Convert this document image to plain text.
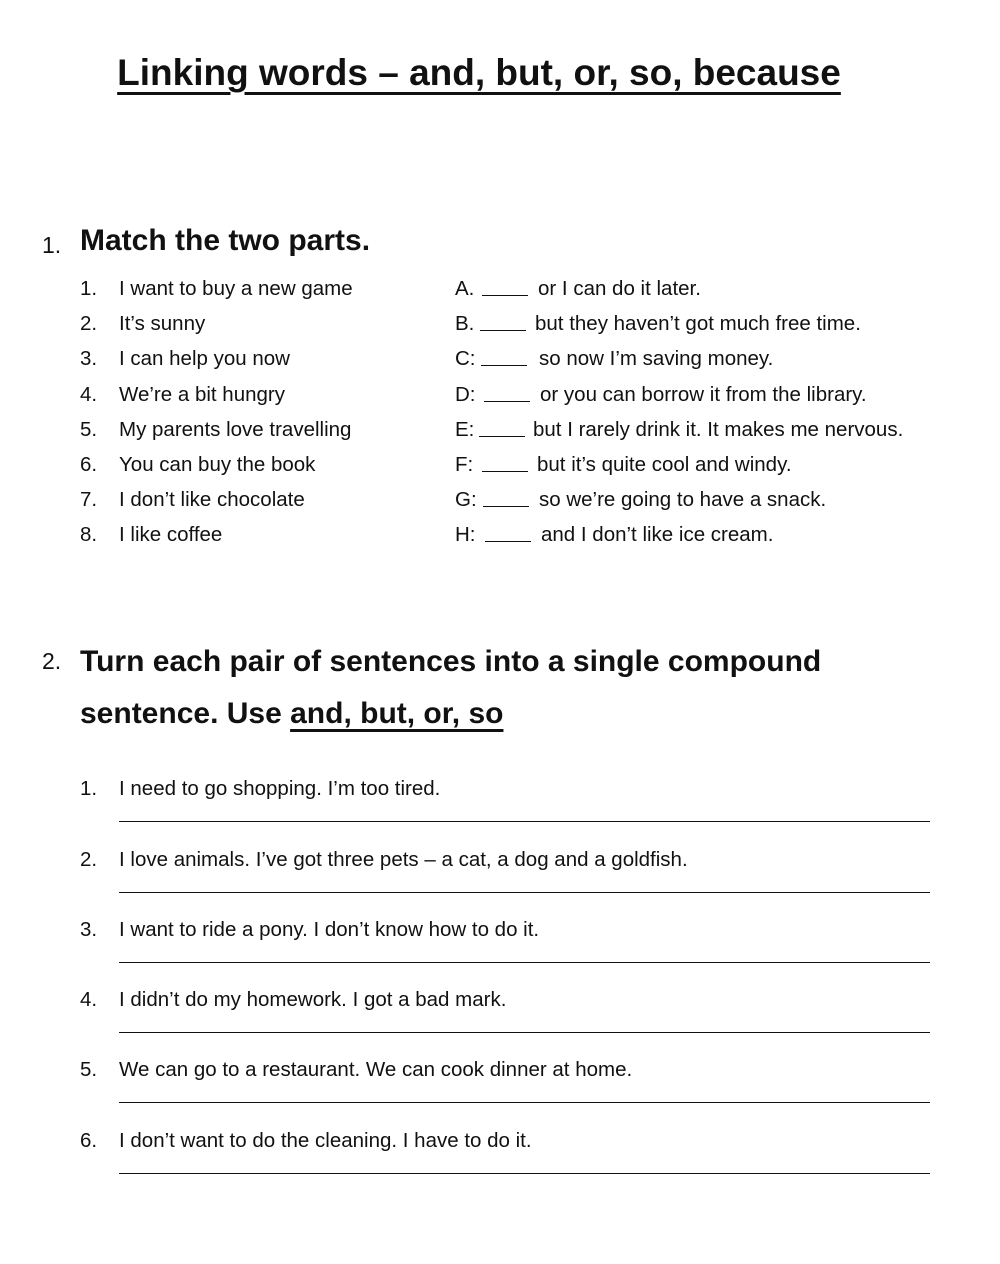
Linking words – and, but, or, so, because
1. Match the two parts.
1. I want to buy a new game	A.	or I can do it later.
2. It’s sunny	B.	but they haven’t got much free time.
3. I can help you now	C:	so now I’m saving money.
4. We’re a bit hungry	D:	or you can borrow it from the library.
5. My parents love travelling	E:	but I rarely drink it. It makes me nervous.
6. You can buy the book	F:	but it’s quite cool and windy.
7. I don’t like chocolate	G:	so we’re going to have a snack.
8. I like coffee	H:	and I don’t like ice cream.
2. Turn each pair of sentences into a single compound
sentence. Use and, but, or, so
1. I need to go shopping. I’m too tired.
2. I love animals. I’ve got three pets – a cat, a dog and a goldfish.
3. I want to ride a pony. I don’t know how to do it.
4. I didn’t do my homework. I got a bad mark.
5. We can go to a restaurant. We can cook dinner at home.
6. I don’t want to do the cleaning. I have to do it.
